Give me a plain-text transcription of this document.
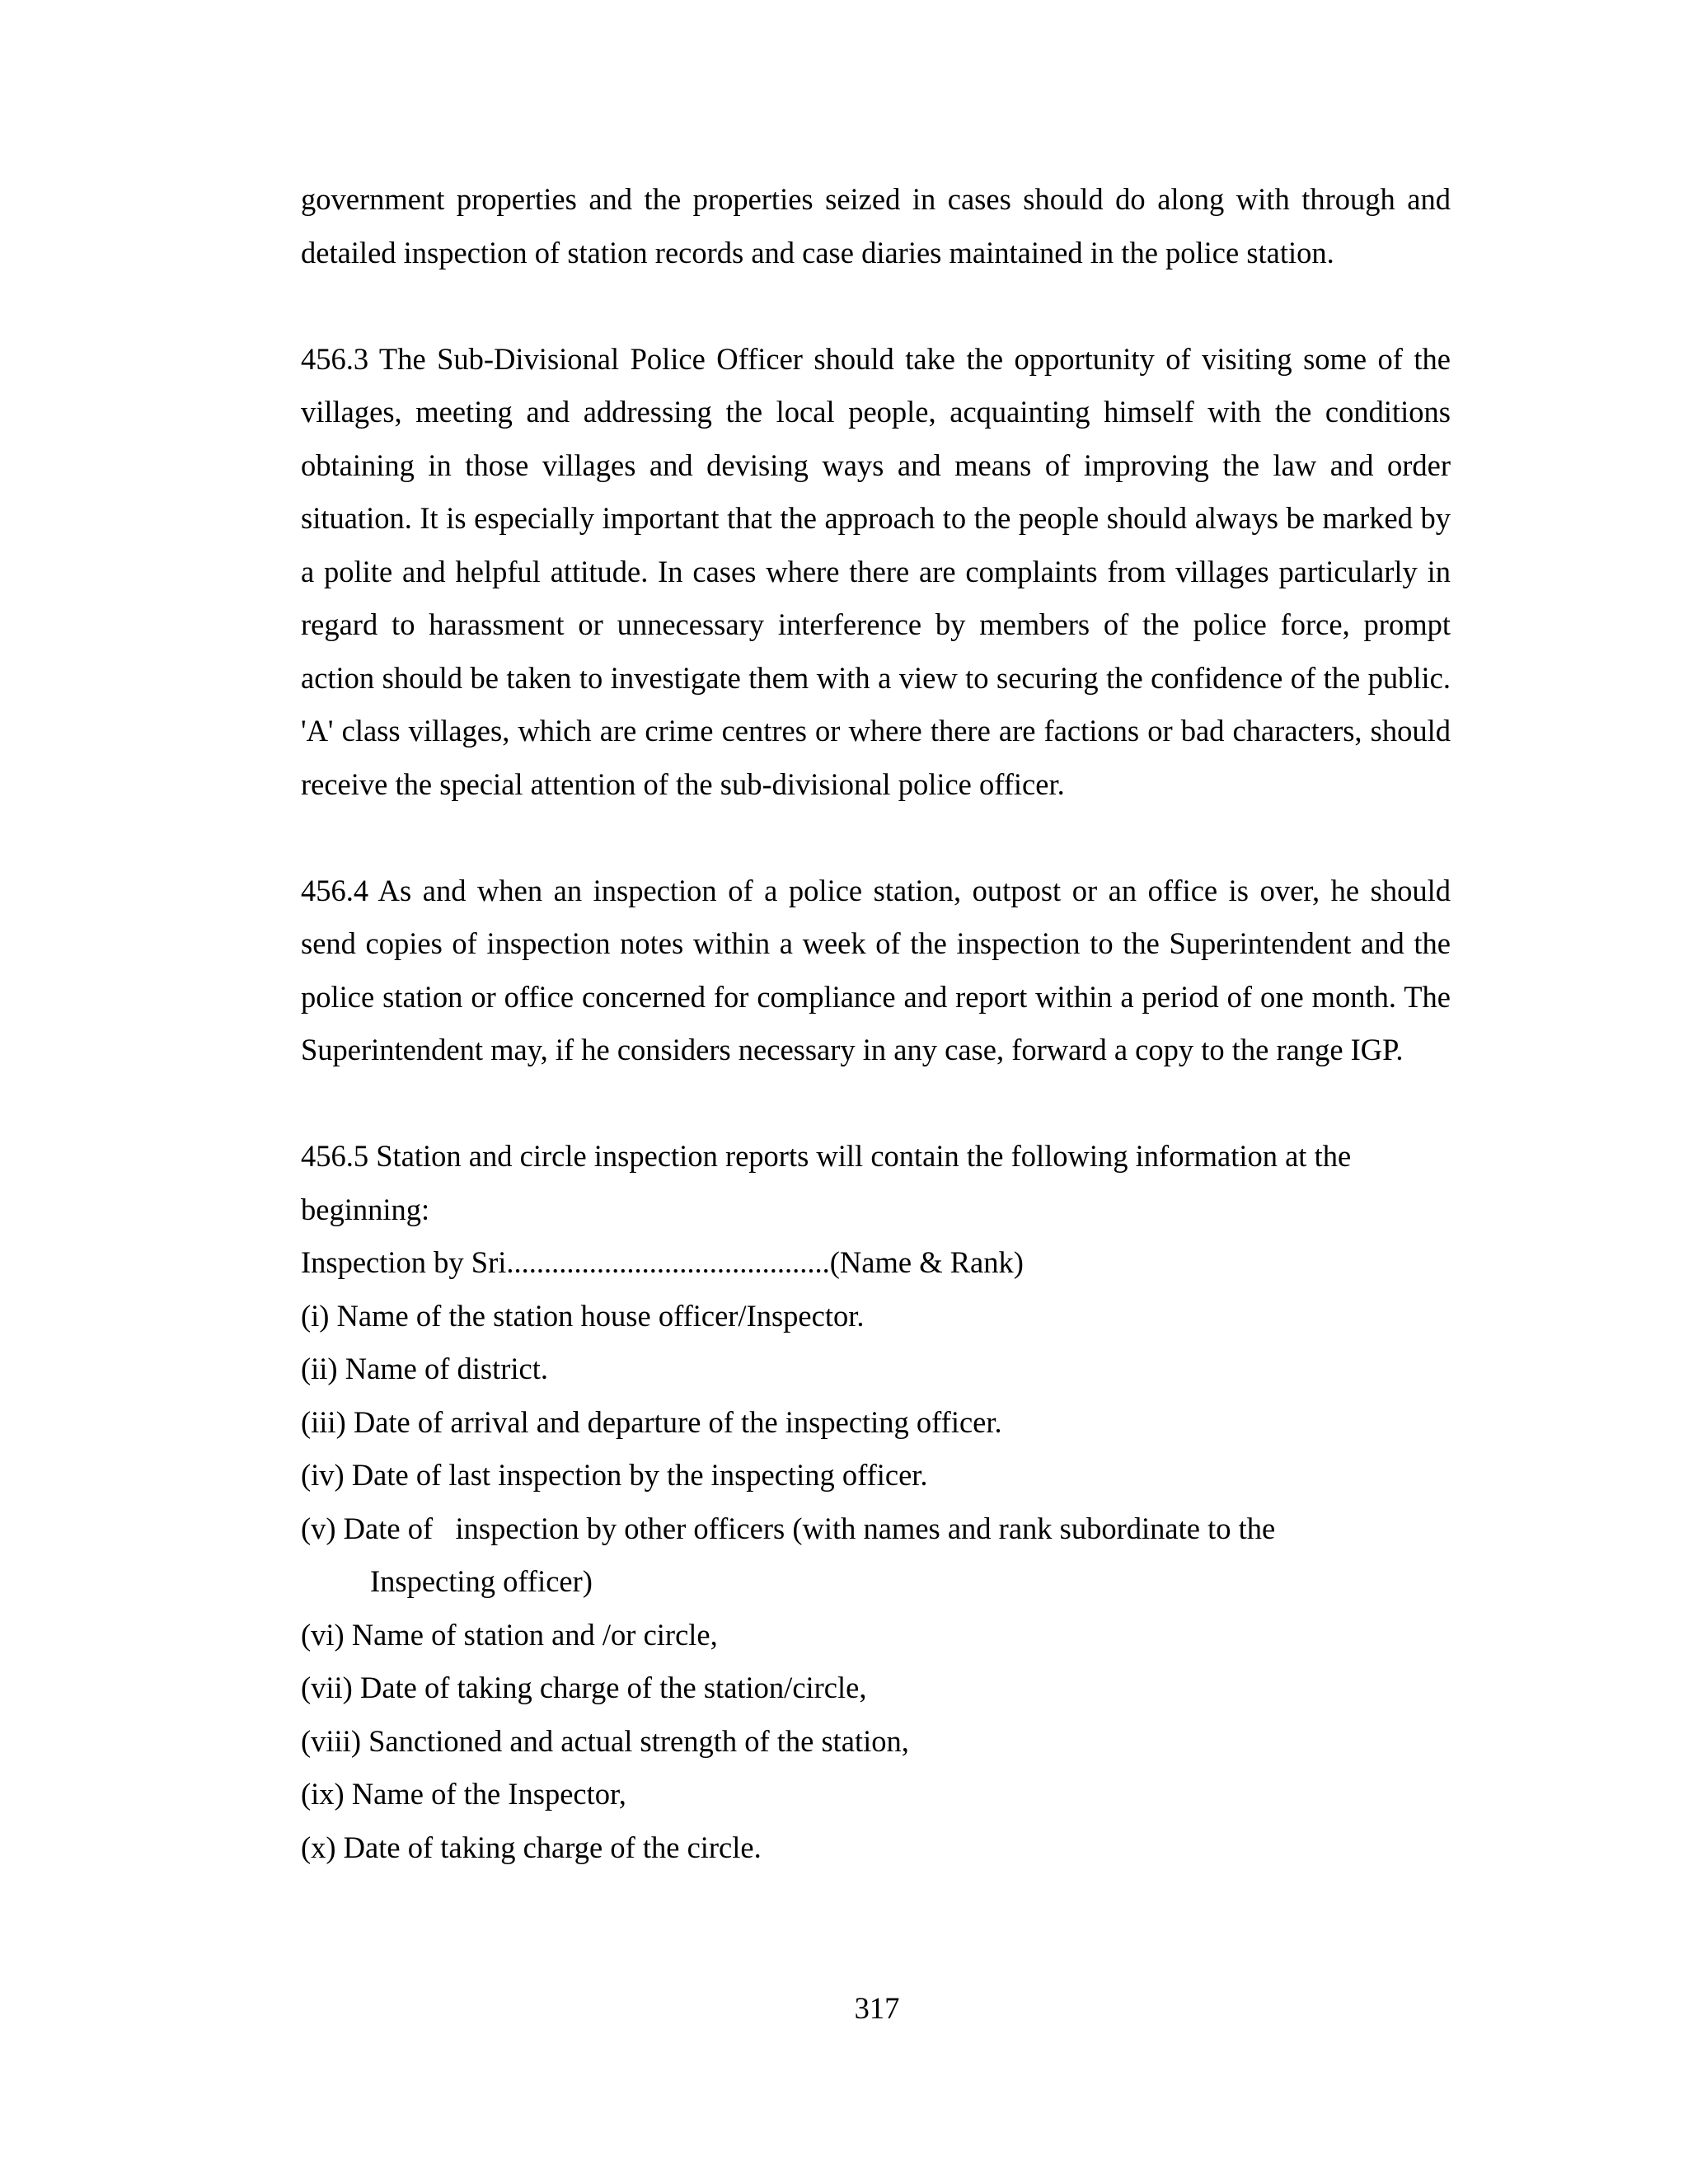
government properties and the properties seized in cases should do along with through and detailed inspection of station records and case diaries maintained in the police station.

456.3 The Sub-Divisional Police Officer should take the opportunity of visiting some of the villages, meeting and addressing the local people, acquainting himself with the conditions obtaining in those villages and devising ways and means of improving the law and order situation. It is especially important that the approach to the people should always be marked by a polite and helpful attitude. In cases where there are complaints from villages particularly in regard to harassment or unnecessary interference by members of the police force, prompt action should be taken to investigate them with a view to securing the confidence of the public. 'A' class villages, which are crime centres or where there are factions or bad characters, should receive the special attention of the sub-divisional police officer.

456.4 As and when an inspection of a police station, outpost or an office is over, he should send copies of inspection notes within a week of the inspection to the Superintendent and the police station or office concerned for compliance and report within a period of one month. The Superintendent may, if he considers necessary in any case, forward a copy to the range IGP.

456.5 Station and circle inspection reports will contain the following information at the

beginning:

Inspection by Sri...........................................(Name & Rank)

(i) Name of the station house officer/Inspector.

(ii) Name of district.

(iii) Date of arrival and departure of the inspecting officer.

(iv) Date of last inspection by the inspecting officer.

(v) Date of   inspection by other officers (with names and rank subordinate to the

Inspecting officer)

(vi) Name of station and /or circle,

(vii) Date of taking charge of the station/circle,

(viii) Sanctioned and actual strength of the station,

(ix) Name of the Inspector,

(x) Date of taking charge of the circle.

317
